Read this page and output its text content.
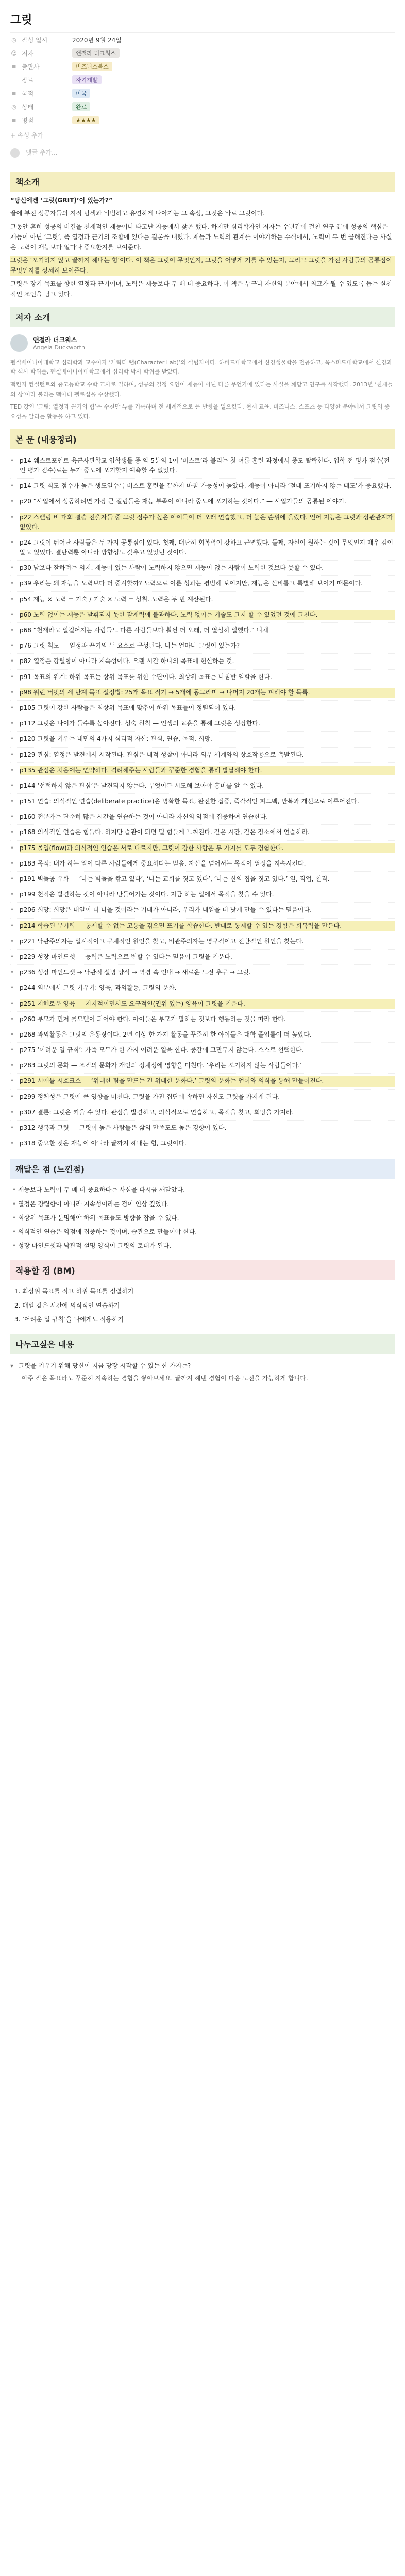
그릿
◷ 작성 일시	2020년 9월 24일
☺ 저자	앤절라 더크워스
≡ 출판사	비즈니스북스
≡ 장르	자기계발
≡ 국적	미국
◎ 상태	완료
≡ 평점	★★★★
+ 속성 추가
댓글 추가...
책소개

“당신에겐 ‘그릿(GRIT)’이 있는가?”

끝에 부진 성공자들의 지적 탐색과 비범하고 유연하게 나아가는 그 속성, 그것은 바로 그릿이다.

그동안 흔히 성공의 비결을 천재적인 재능이나 타고난 지능에서 찾곤 했다. 하지만 심리학자인 저자는 수년간에 걸친 연구 끝에 성공의 핵심은 재능이 아닌 ‘그릿’, 즉 열정과 끈기의 조합에 있다는 결론을 내렸다. 재능과 노력의 관계를 이야기하는 수식에서, 노력이 두 번 곱해진다는 사실은 노력이 재능보다 얼마나 중요한지를 보여준다.

그릿은 ‘포기하지 않고 끝까지 해내는 힘’이다. 이 책은 그릿이 무엇인지, 그릿을 어떻게 기를 수 있는지, 그리고 그릿을 가진 사람들의 공통점이 무엇인지를 상세히 보여준다.

그릿은 장기 목표를 향한 열정과 끈기이며, 노력은 재능보다 두 배 더 중요하다. 이 책은 누구나 자신의 분야에서 최고가 될 수 있도록 돕는 실천적인 조언을 담고 있다.

저자 소개
앤절라 더크워스
Angela Duckworth
펜실베이니아대학교 심리학과 교수이자 ‘캐릭터 랩(Character Lab)’의 설립자이다. 하버드대학교에서 신경생물학을 전공하고, 옥스퍼드대학교에서 신경과학 석사 학위를, 펜실베이니아대학교에서 심리학 박사 학위를 받았다.
맥킨지 컨설턴트와 중고등학교 수학 교사로 일하며, 성공의 결정 요인이 재능이 아닌 다른 무언가에 있다는 사실을 깨닫고 연구를 시작했다. 2013년 ‘천재들의 상’이라 불리는 맥아더 펠로십을 수상했다.
TED 강연 ‘그릿: 열정과 끈기의 힘’은 수천만 뷰를 기록하며 전 세계적으로 큰 반향을 일으켰다. 현재 교육, 비즈니스, 스포츠 등 다양한 분야에서 그릿의 중요성을 알리는 활동을 하고 있다.
본 문 (내용정리)
• p14 웨스트포인트 육군사관학교 입학생들 중 약 5분의 1이 ‘비스트’라 불리는 첫 여름 훈련 과정에서 중도 탈락한다. 입학 전 평가 점수(전인 평가 점수)로는 누가 중도에 포기할지 예측할 수 없었다.
• p14 그릿 척도 점수가 높은 생도일수록 비스트 훈련을 끝까지 마칠 가능성이 높았다. 재능이 아니라 ‘절대 포기하지 않는 태도’가 중요했다.
• p20 “사업에서 성공하려면 가장 큰 걸림돌은 재능 부족이 아니라 중도에 포기하는 것이다.” — 사업가들의 공통된 이야기.
• p22 스펠링 비 대회 결승 진출자들 중 그릿 점수가 높은 아이들이 더 오래 연습했고, 더 높은 순위에 올랐다. 언어 지능은 그릿과 상관관계가 없었다.
• p24 그릿이 뛰어난 사람들은 두 가지 공통점이 있다. 첫째, 대단히 회복력이 강하고 근면했다. 둘째, 자신이 원하는 것이 무엇인지 매우 깊이 알고 있었다. 결단력뿐 아니라 방향성도 갖추고 있었던 것이다.
• p30 남보다 잘하려는 의지. 재능이 있는 사람이 노력하지 않으면 재능이 없는 사람이 노력한 것보다 못할 수 있다.
• p39 우리는 왜 재능을 노력보다 더 중시할까? 노력으로 이룬 성과는 평범해 보이지만, 재능은 신비롭고 특별해 보이기 때문이다.
• p54 재능 × 노력 = 기술 / 기술 × 노력 = 성취. 노력은 두 번 계산된다.
• p60 노력 없이는 재능은 발휘되지 못한 잠재력에 불과하다. 노력 없이는 기술도 그저 할 수 있었던 것에 그친다.
• p68 “천재라고 일컬어지는 사람들도 다른 사람들보다 훨씬 더 오래, 더 열심히 일했다.” 니체
• p76 그릿 척도 — 열정과 끈기의 두 요소로 구성된다. 나는 얼마나 그릿이 있는가?
• p82 열정은 강렬함이 아니라 지속성이다. 오랜 시간 하나의 목표에 헌신하는 것.
• p91 목표의 위계: 하위 목표는 상위 목표를 위한 수단이다. 최상위 목표는 나침반 역할을 한다.
• p98 워런 버핏의 세 단계 목표 설정법: 25개 목표 적기 → 5개에 동그라미 → 나머지 20개는 피해야 할 목록.
• p105 그릿이 강한 사람들은 최상위 목표에 맞추어 하위 목표들이 정렬되어 있다.
• p112 그릿은 나이가 들수록 높아진다. 성숙 원칙 — 인생의 교훈을 통해 그릿은 성장한다.
• p120 그릿을 키우는 내면의 4가지 심리적 자산: 관심, 연습, 목적, 희망.
• p129 관심: 열정은 발견에서 시작된다. 관심은 내적 성찰이 아니라 외부 세계와의 상호작용으로 촉발된다.
• p135 관심은 처음에는 연약하다. 격려해주는 사람들과 꾸준한 경험을 통해 발달해야 한다.
• p144 ‘선택하지 않은 관심’은 발견되지 않는다. 무엇이든 시도해 보아야 흥미를 알 수 있다.
• p151 연습: 의식적인 연습(deliberate practice)은 명확한 목표, 완전한 집중, 즉각적인 피드백, 반복과 개선으로 이루어진다.
• p160 전문가는 단순히 많은 시간을 연습하는 것이 아니라 자신의 약점에 집중하여 연습한다.
• p168 의식적인 연습은 힘들다. 하지만 습관이 되면 덜 힘들게 느껴진다. 같은 시간, 같은 장소에서 연습하라.
• p175 몰입(flow)과 의식적인 연습은 서로 다르지만, 그릿이 강한 사람은 두 가지를 모두 경험한다.
• p183 목적: 내가 하는 일이 다른 사람들에게 중요하다는 믿음. 자신을 넘어서는 목적이 열정을 지속시킨다.
• p191 벽돌공 우화 — ‘나는 벽돌을 쌓고 있다’, ‘나는 교회를 짓고 있다’, ‘나는 신의 집을 짓고 있다.’ 일, 직업, 천직.
• p199 천직은 발견하는 것이 아니라 만들어가는 것이다. 지금 하는 일에서 목적을 찾을 수 있다.
• p206 희망: 희망은 내일이 더 나을 것이라는 기대가 아니라, 우리가 내일을 더 낫게 만들 수 있다는 믿음이다.
• p214 학습된 무기력 — 통제할 수 없는 고통을 겪으면 포기를 학습한다. 반대로 통제할 수 있는 경험은 회복력을 만든다.
• p221 낙관주의자는 일시적이고 구체적인 원인을 찾고, 비관주의자는 영구적이고 전반적인 원인을 찾는다.
• p229 성장 마인드셋 — 능력은 노력으로 변할 수 있다는 믿음이 그릿을 키운다.
• p236 성장 마인드셋 → 낙관적 설명 양식 → 역경 속 인내 → 새로운 도전 추구 → 그릿.
• p244 외부에서 그릿 키우기: 양육, 과외활동, 그릿의 문화.
• p251 지혜로운 양육 — 지지적이면서도 요구적인(권위 있는) 양육이 그릿을 키운다.
• p260 부모가 먼저 롤모델이 되어야 한다. 아이들은 부모가 말하는 것보다 행동하는 것을 따라 한다.
• p268 과외활동은 그릿의 운동장이다. 2년 이상 한 가지 활동을 꾸준히 한 아이들은 대학 졸업률이 더 높았다.
• p275 ‘어려운 일 규칙’: 가족 모두가 한 가지 어려운 일을 한다. 중간에 그만두지 않는다. 스스로 선택한다.
• p283 그릿의 문화 — 조직의 문화가 개인의 정체성에 영향을 미친다. ‘우리는 포기하지 않는 사람들이다.’
• p291 시애틀 시호크스 — ‘위대한 팀을 만드는 건 위대한 문화다.’ 그릿의 문화는 언어와 의식을 통해 만들어진다.
• p299 정체성은 그릿에 큰 영향을 미친다. 그릿을 가진 집단에 속하면 자신도 그릿을 가지게 된다.
• p307 결론: 그릿은 키울 수 있다. 관심을 발견하고, 의식적으로 연습하고, 목적을 찾고, 희망을 가져라.
• p312 행복과 그릿 — 그릿이 높은 사람들은 삶의 만족도도 높은 경향이 있다.
• p318 중요한 것은 재능이 아니라 끝까지 해내는 힘, 그릿이다.
깨달은 점 (느낀점)
• 재능보다 노력이 두 배 더 중요하다는 사실을 다시금 깨달았다.
• 열정은 강렬함이 아니라 지속성이라는 점이 인상 깊었다.
• 최상위 목표가 분명해야 하위 목표들도 방향을 잡을 수 있다.
• 의식적인 연습은 약점에 집중하는 것이며, 습관으로 만들어야 한다.
• 성장 마인드셋과 낙관적 설명 양식이 그릿의 토대가 된다.
적용할 점 (BM)
1. 최상위 목표를 적고 하위 목표를 정렬하기
2. 매일 같은 시간에 의식적인 연습하기
3. ‘어려운 일 규칙’을 나에게도 적용하기
나누고싶은 내용
▾ 그릿을 키우기 위해 당신이 지금 당장 시작할 수 있는 한 가지는?
아주 작은 목표라도 꾸준히 지속하는 경험을 쌓아보세요. 끝까지 해낸 경험이 다음 도전을 가능하게 합니다.
